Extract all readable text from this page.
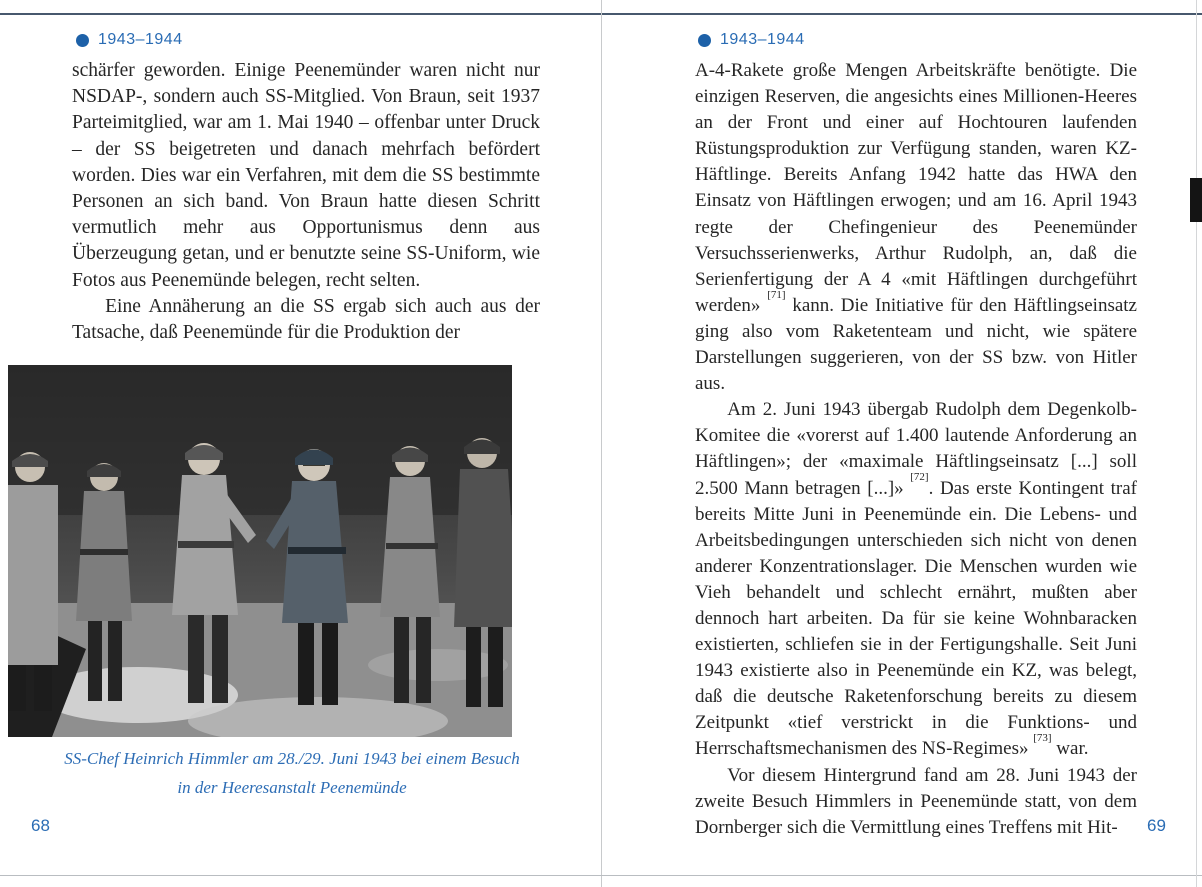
1943–1944

schärfer geworden. Einige Peenemünder waren nicht nur NSDAP-, sondern auch SS-Mitglied. Von Braun, seit 1937 Parteimitglied, war am 1. Mai 1940 – offenbar unter Druck – der SS beigetreten und danach mehrfach befördert worden. Dies war ein Verfahren, mit dem die SS bestimmte Personen an sich band. Von Braun hatte diesen Schritt vermutlich mehr aus Opportunismus denn aus Überzeugung getan, und er benutzte seine SS-Uniform, wie Fotos aus Peenemünde belegen, recht selten.

Eine Annäherung an die SS ergab sich auch aus der Tatsache, daß Peenemünde für die Produktion der

SS-Chef Heinrich Himmler am 28./29. Juni 1943 bei einem Besuch
in der Heeresanstalt Peenemünde
68
1943–1944

A-4-Rakete große Mengen Arbeitskräfte benötigte. Die einzigen Reserven, die angesichts eines Millionen-Heeres an der Front und einer auf Hochtouren laufenden Rüstungsproduktion zur Verfügung standen, waren KZ-Häftlinge. Bereits Anfang 1942 hatte das HWA den Einsatz von Häftlingen erwogen; und am 16. April 1943 regte der Chefingenieur des Peenemünder Versuchsserienwerks, Arthur Rudolph, an, daß die Serienfertigung der A 4 «mit Häftlingen durchgeführt werden» [71] kann. Die Initiative für den Häftlingseinsatz ging also vom Raketenteam und nicht, wie spätere Darstellungen suggerieren, von der SS bzw. von Hitler aus.

Am 2. Juni 1943 übergab Rudolph dem Degenkolb-Komitee die «vorerst auf 1.400 lautende Anforderung an Häftlingen»; der «maximale Häftlingseinsatz [...] soll 2.500 Mann betragen [...]» [72]. Das erste Kontingent traf bereits Mitte Juni in Peenemünde ein. Die Lebens- und Arbeitsbedingungen unterschieden sich nicht von denen anderer Konzentrationslager. Die Menschen wurden wie Vieh behandelt und schlecht ernährt, mußten aber dennoch hart arbeiten. Da für sie keine Wohnbaracken existierten, schliefen sie in der Fertigungshalle. Seit Juni 1943 existierte also in Peenemünde ein KZ, was belegt, daß die deutsche Raketenforschung bereits zu diesem Zeitpunkt «tief verstrickt in die Funktions- und Herrschaftsmechanismen des NS-Regimes» [73] war.

Vor diesem Hintergrund fand am 28. Juni 1943 der zweite Besuch Himmlers in Peenemünde statt, von dem Dornberger sich die Vermittlung eines Treffens mit Hit-	69
